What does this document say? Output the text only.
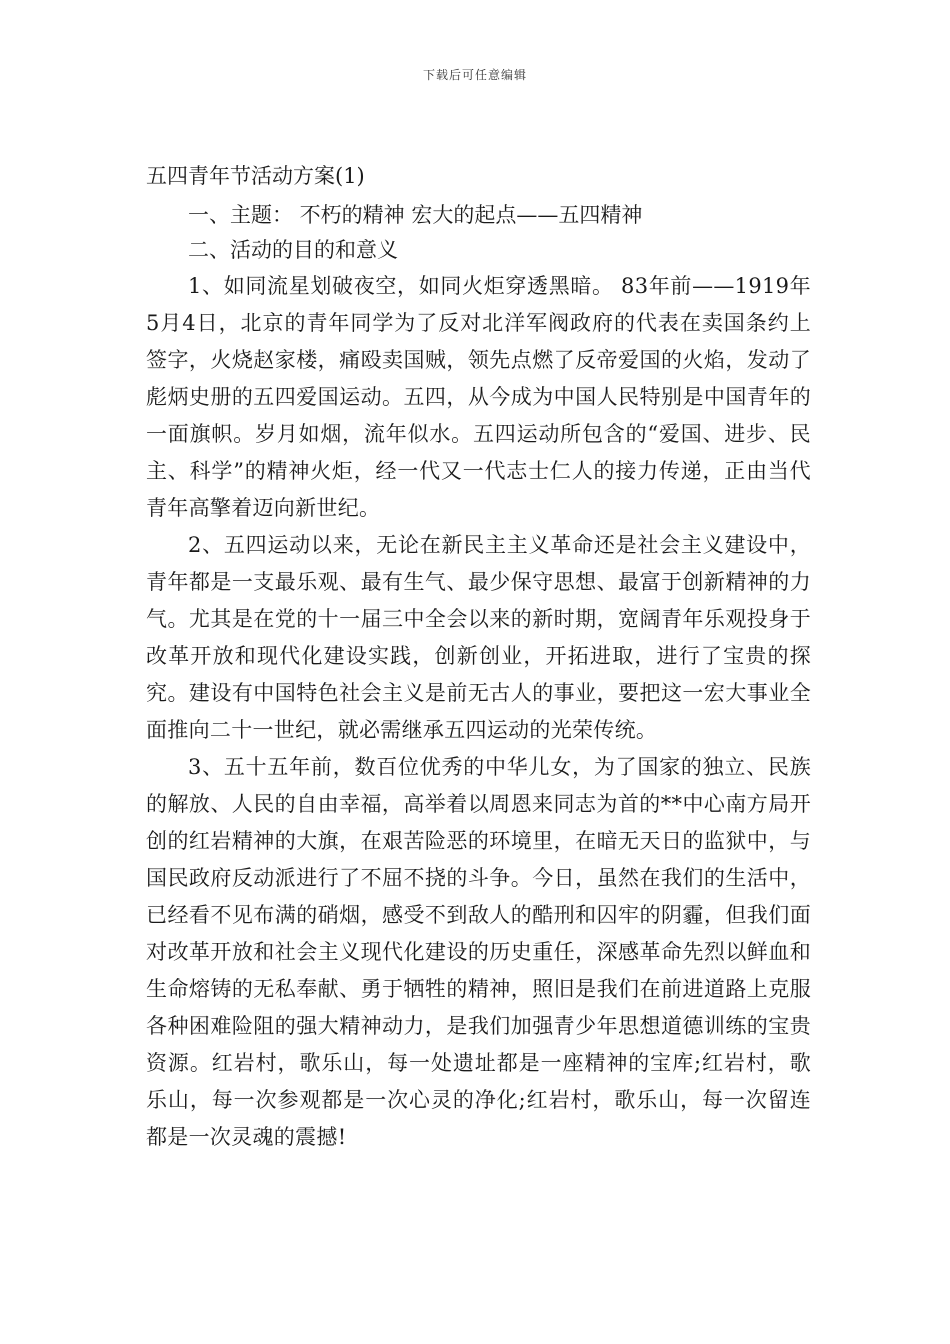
下载后可任意编辑
五四青年节活动方案(1)

一、主题： 不朽的精神 宏大的起点——五四精神

二、活动的目的和意义

1、如同流星划破夜空，如同火炬穿透黑暗。 83年前——1919年5月4日，北京的青年同学为了反对北洋军阀政府的代表在卖国条约上签字，火烧赵家楼，痛殴卖国贼，领先点燃了反帝爱国的火焰，发动了彪炳史册的五四爱国运动。五四，从今成为中国人民特别是中国青年的一面旗帜。岁月如烟，流年似水。五四运动所包含的“爱国、进步、民主、科学”的精神火炬，经一代又一代志士仁人的接力传递，正由当代青年高擎着迈向新世纪。

2、五四运动以来，无论在新民主主义革命还是社会主义建设中，青年都是一支最乐观、最有生气、最少保守思想、最富于创新精神的力气。尤其是在党的十一届三中全会以来的新时期，宽阔青年乐观投身于改革开放和现代化建设实践，创新创业，开拓进取，进行了宝贵的探究。建设有中国特色社会主义是前无古人的事业，要把这一宏大事业全面推向二十一世纪，就必需继承五四运动的光荣传统。

3、五十五年前，数百位优秀的中华儿女，为了国家的独立、民族的解放、人民的自由幸福，高举着以周恩来同志为首的**中心南方局开创的红岩精神的大旗，在艰苦险恶的环境里，在暗无天日的监狱中，与国民政府反动派进行了不屈不挠的斗争。今日，虽然在我们的生活中，已经看不见布满的硝烟，感受不到敌人的酷刑和囚牢的阴霾，但我们面对改革开放和社会主义现代化建设的历史重任，深感革命先烈以鲜血和生命熔铸的无私奉献、勇于牺牲的精神，照旧是我们在前进道路上克服各种困难险阻的强大精神动力，是我们加强青少年思想道德训练的宝贵资源。红岩村，歌乐山，每一处遗址都是一座精神的宝库;红岩村，歌乐山，每一次参观都是一次心灵的净化;红岩村，歌乐山，每一次留连都是一次灵魂的震撼!
